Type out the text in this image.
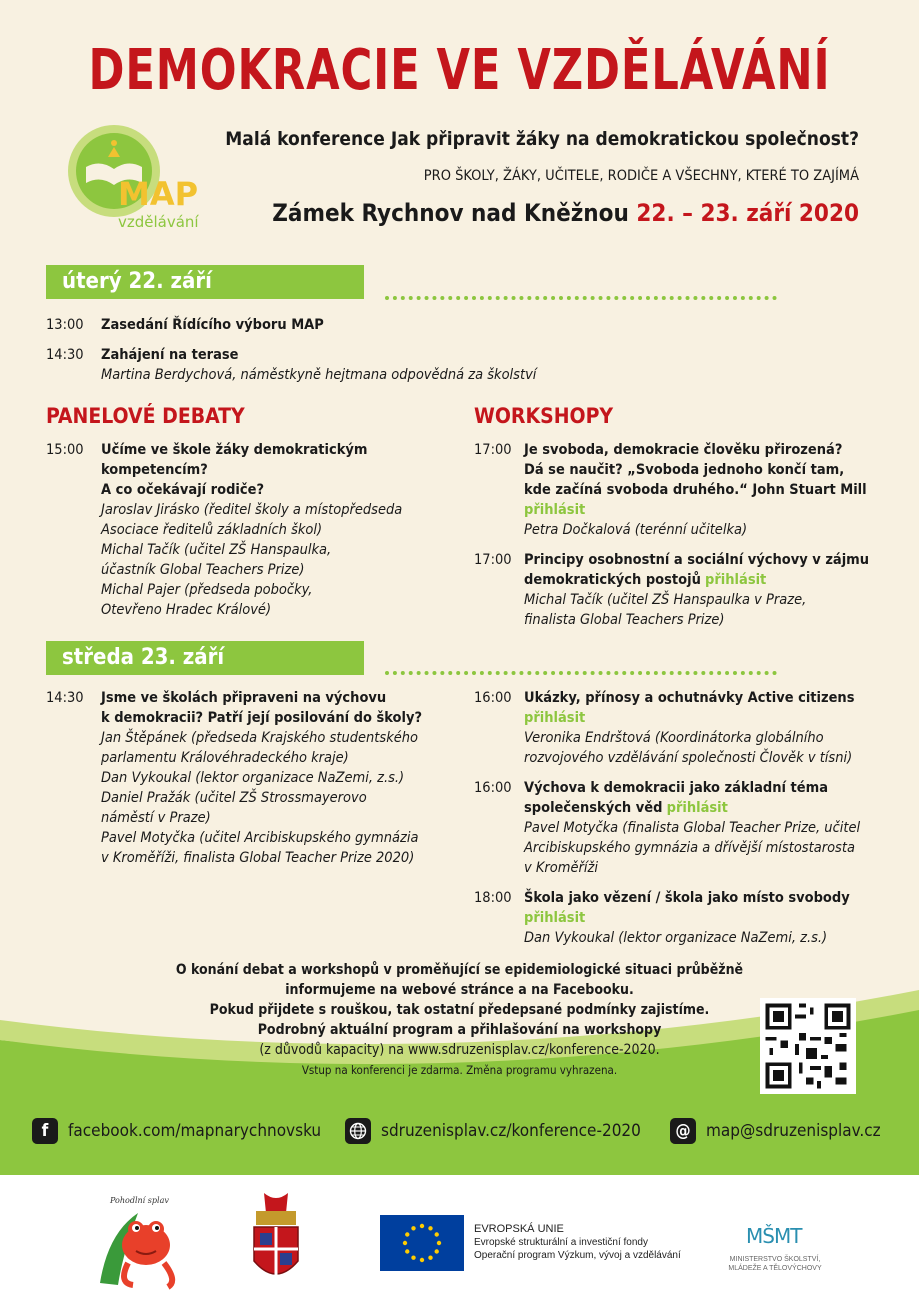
DEMOKRACIE VE VZDĚLÁVÁNÍ
MAP
vzdělávání
Malá konference Jak připravit žáky na demokratickou společnost?
PRO ŠKOLY, ŽÁKY, UČITELE, RODIČE A VŠECHNY, KTERÉ TO ZAJÍMÁ
Zámek Rychnov nad Kněžnou 22. – 23. září 2020
úterý 22. září
13:00	Zasedání Řídícího výboru MAP
14:30	Zahájení na terase
Martina Berdychová, náměstkyně hejtmana odpovědná za školství
PANELOVÉ DEBATY	WORKSHOPY
15:00	Učíme ve škole žáky demokratickým
kompetencím?
A co očekávají rodiče?
Jaroslav Jirásko (ředitel školy a místopředseda
Asociace ředitelů základních škol)
Michal Tačík (učitel ZŠ Hanspaulka,
účastník Global Teachers Prize)
Michal Pajer (předseda pobočky,
Otevřeno Hradec Králové)
17:00 Je svoboda, demokracie člověku přirozená?
Dá se naučit? „Svoboda jednoho končí tam,
kde začíná svoboda druhého.“ John Stuart Mill
přihlásit
Petra Dočkalová (terénní učitelka)
17:00 Principy osobnostní a sociální výchovy v zájmu
demokratických postojů přihlásit
Michal Tačík (učitel ZŠ Hanspaulka v Praze,
finalista Global Teachers Prize)
středa 23. září
14:30	Jsme ve školách připraveni na výchovu
k demokracii? Patří její posilování do školy?
Jan Štěpánek (předseda Krajského studentského
parlamentu Královéhradeckého kraje)
Dan Vykoukal (lektor organizace NaZemi, z.s.)
Daniel Pražák (učitel ZŠ Strossmayerovo
náměstí v Praze)
Pavel Motyčka (učitel Arcibiskupského gymnázia
v Kroměříži, finalista Global Teacher Prize 2020)
16:00 Ukázky, přínosy a ochutnávky Active citizens
přihlásit
Veronika Endrštová (Koordinátorka globálního
rozvojového vzdělávání společnosti Člověk v tísni)
16:00 Výchova k demokracii jako základní téma
společenských věd přihlásit
Pavel Motyčka (finalista Global Teacher Prize, učitel
Arcibiskupského gymnázia a dřívější místostarosta
v Kroměříži
18:00 Škola jako vězení / škola jako místo svobody
přihlásit
Dan Vykoukal (lektor organizace NaZemi, z.s.)
O konání debat a workshopů v proměňující se epidemiologické situaci průběžně
informujeme na webové stránce a na Facebooku.
Pokud přijdete s rouškou, tak ostatní předepsané podmínky zajistíme.
Podrobný aktuální program a přihlašování na workshopy
(z důvodů kapacity) na www.sdruzenisplav.cz/konference-2020.
Vstup na konferenci je zdarma. Změna programu vyhrazena.
f	facebook.com/mapnarychnovsku	sdruzenisplav.cz/konference-2020	@ map@sdruzenisplav.cz
Pohodlní splav
EVROPSKÁ UNIE
Evropské strukturální a investiční fondy
Operační program Výzkum, vývoj a vzdělávání
MŠMT
MINISTERSTVO ŠKOLSTVÍ,
MLÁDEŽE A TĚLOVÝCHOVY
